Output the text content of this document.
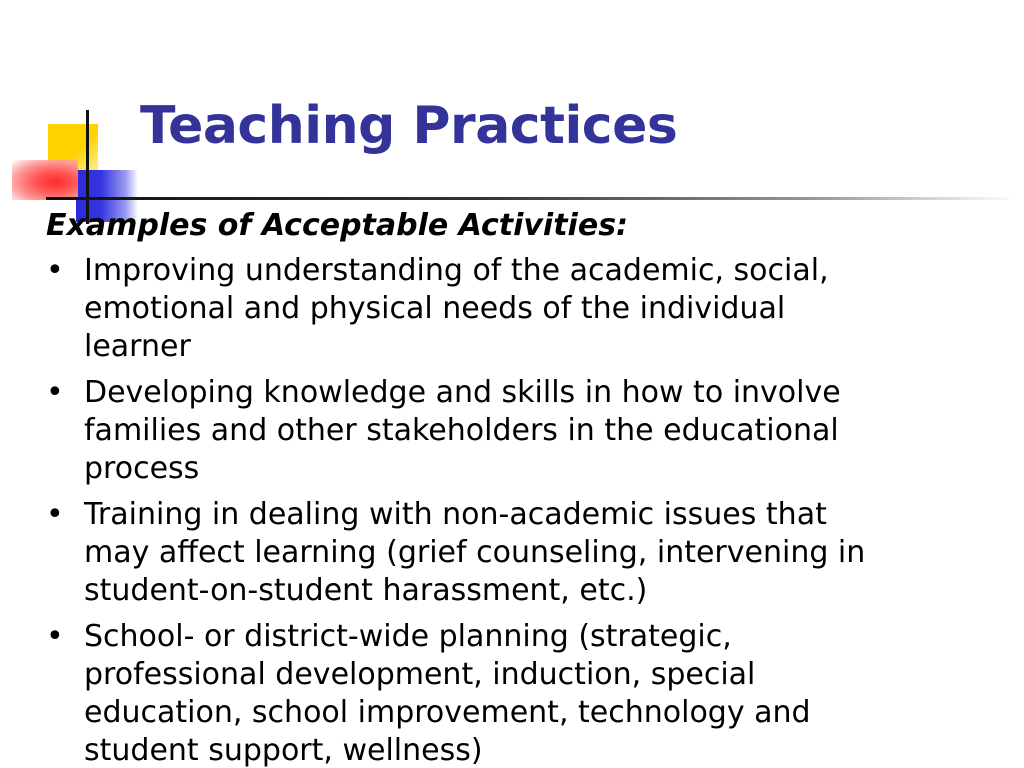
Teaching Practices

Examples of Acceptable Activities:

• Improving understanding of the academic, social,
emotional and physical needs of the individual
learner
• Developing knowledge and skills in how to involve
families and other stakeholders in the educational
process
• Training in dealing with non-academic issues that
may affect learning (grief counseling, intervening in
student-on-student harassment, etc.)
• School- or district-wide planning (strategic,
professional development, induction, special
education, school improvement, technology and
student support, wellness)
